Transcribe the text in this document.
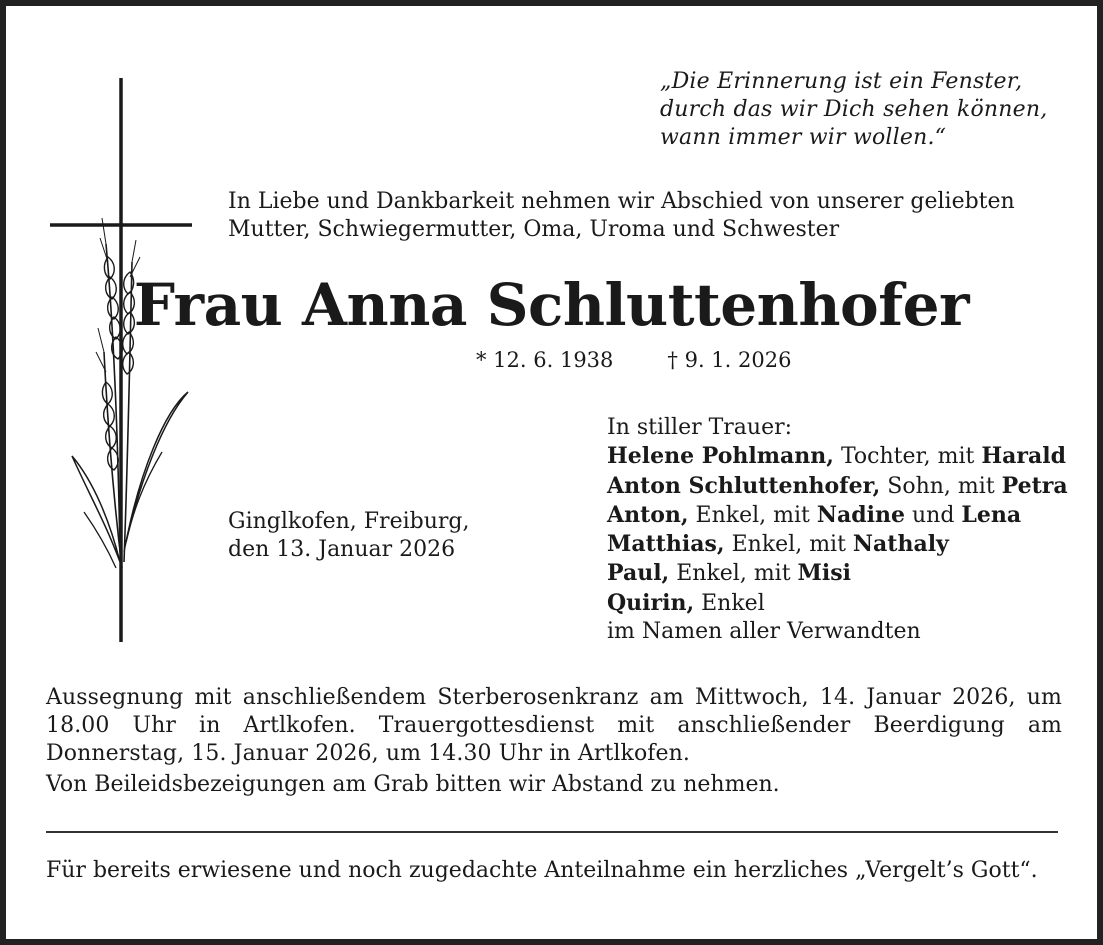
„Die Erinnerung ist ein Fenster,
durch das wir Dich sehen können,
wann immer wir wollen.“
In Liebe und Dankbarkeit nehmen wir Abschied von unserer geliebten
Mutter, Schwiegermutter, Oma, Uroma und Schwester
Frau Anna Schluttenhofer
* 12. 6. 1938	† 9. 1. 2026
Ginglkofen, Freiburg,
den 13. Januar 2026
In stiller Trauer:
Helene Pohlmann, Tochter, mit Harald
Anton Schluttenhofer, Sohn, mit Petra
Anton, Enkel, mit Nadine und Lena
Matthias, Enkel, mit Nathaly
Paul, Enkel, mit Misi
Quirin, Enkel
im Namen aller Verwandten
Aussegnung mit anschließendem Sterberosenkranz am Mittwoch, 14. Januar 2026, um 18.00 Uhr in Artlkofen. Trauergottesdienst mit anschließender Beerdigung am Donnerstag, 15. Januar 2026, um 14.30 Uhr in Artlkofen.
Von Beileidsbezeigungen am Grab bitten wir Abstand zu nehmen.
Für bereits erwiesene und noch zugedachte Anteilnahme ein herzliches „Vergelt’s Gott“.
